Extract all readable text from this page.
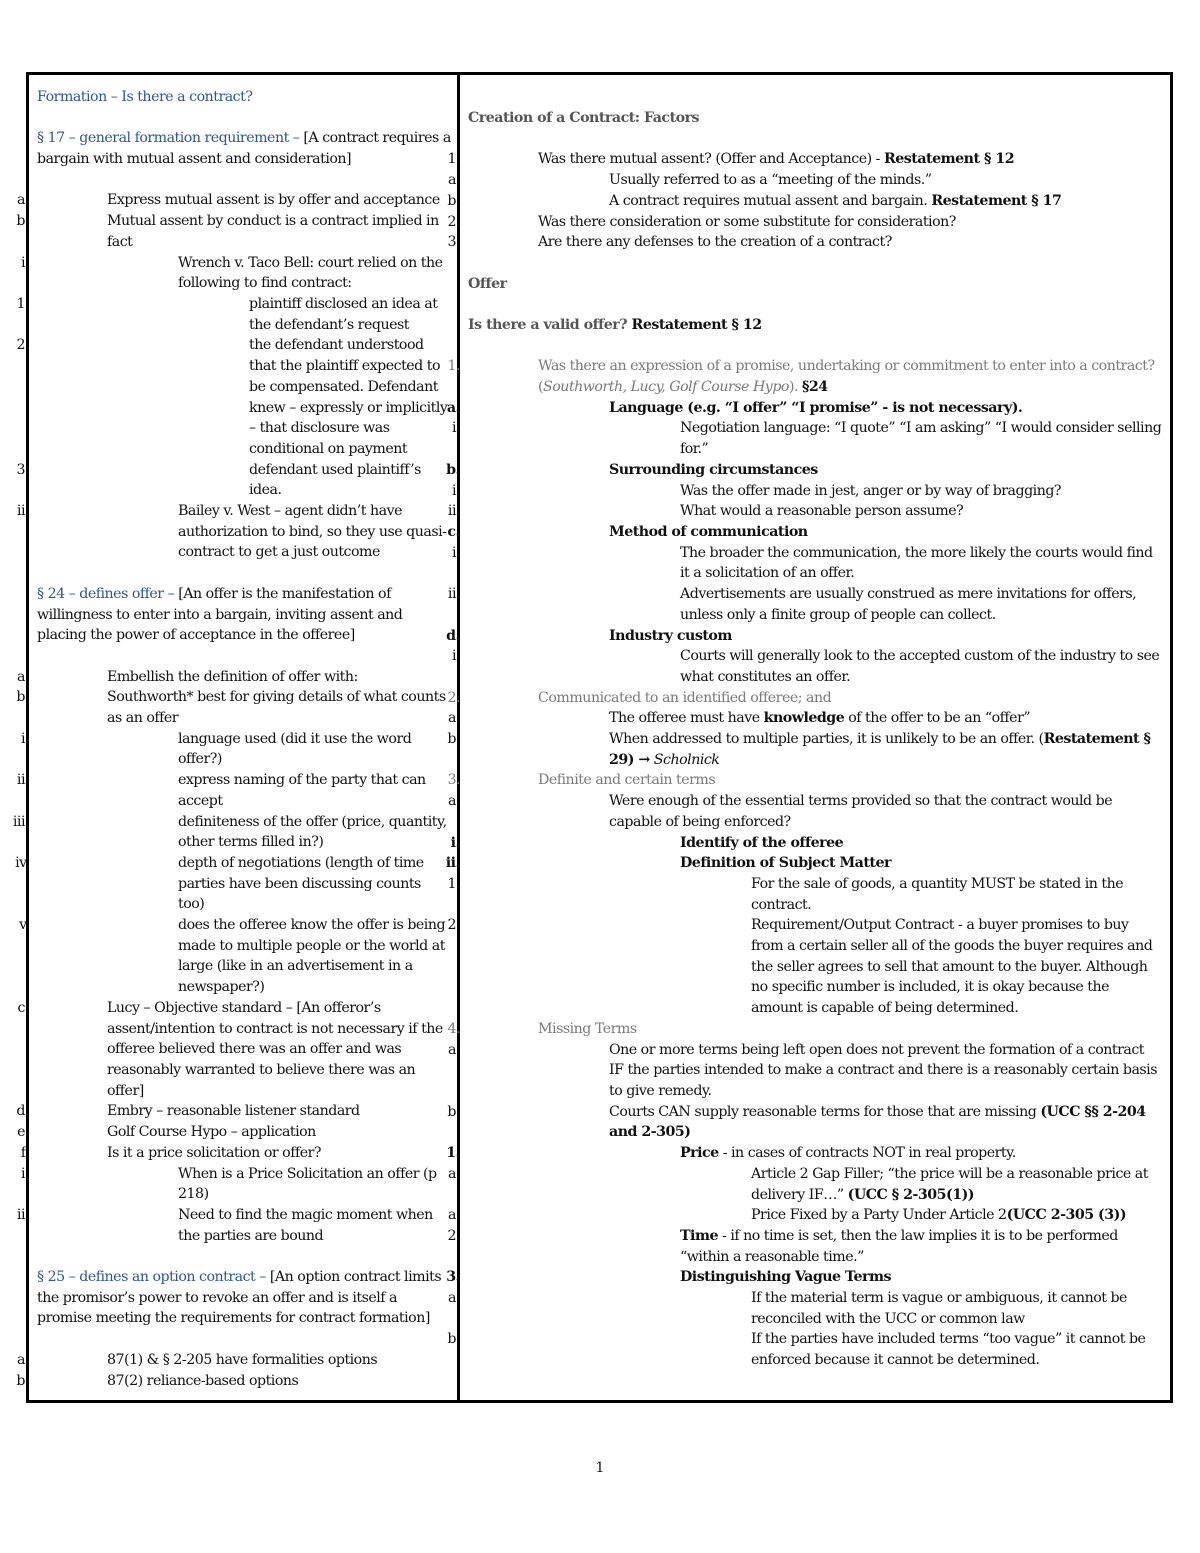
Formation – Is there a contract?
§ 17 – general formation requirement – [A contract requires a bargain with mutual assent and consideration]
a.	Express mutual assent is by offer and acceptance
b.	Mutual assent by conduct is a contract implied in fact
i.	Wrench v. Taco Bell: court relied on the following to find contract:
1.	plaintiff disclosed an idea at the defendant’s request
2.	the defendant understood that the plaintiff expected to be compensated. Defendant knew – expressly or implicitly – that disclosure was conditional on payment
3.	defendant used plaintiff’s idea.
ii.	Bailey v. West – agent didn’t have authorization to bind, so they use quasi-contract to get a just outcome
§ 24 – defines offer – [An offer is the manifestation of willingness to enter into a bargain, inviting assent and placing the power of acceptance in the offeree]
a.	Embellish the definition of offer with:
b.	Southworth* best for giving details of what counts as an offer
i.	language used (did it use the word offer?)
ii.	express naming of the party that can accept
iii.	definiteness of the offer (price, quantity, other terms filled in?)
iv.	depth of negotiations (length of time parties have been discussing counts too)
v.	does the offeree know the offer is being made to multiple people or the world at large (like in an advertisement in a newspaper?)
c.	Lucy – Objective standard – [An offeror’s assent/intention to contract is not necessary if the offeree believed there was an offer and was reasonably warranted to believe there was an offer]
d.	Embry – reasonable listener standard
e.	Golf Course Hypo – application
f.	Is it a price solicitation or offer?
i.	When is a Price Solicitation an offer (p 218)
ii.	Need to find the magic moment when the parties are bound
§ 25 – defines an option contract – [An option contract limits the promisor’s power to revoke an offer and is itself a promise meeting the requirements for contract formation]
a.	87(1) & § 2-205 have formalities options
b.	87(2) reliance-based options
Creation of a Contract: Factors
1.	Was there mutual assent? (Offer and Acceptance) - Restatement § 12
a.	Usually referred to as a “meeting of the minds.”
b.	A contract requires mutual assent and bargain. Restatement § 17
2.	Was there consideration or some substitute for consideration?
3.	Are there any defenses to the creation of a contract?
Offer
Is there a valid offer? Restatement § 12
1.	Was there an expression of a promise, undertaking or commitment to enter into a contract? (Southworth, Lucy, Golf Course Hypo). §24
a.	Language (e.g. “I offer” “I promise” - is not necessary).
i.	Negotiation language: “I quote” “I am asking” “I would consider selling for.”
b.	Surrounding circumstances
i.	Was the offer made in jest, anger or by way of bragging?
ii.	What would a reasonable person assume?
c.	Method of communication
i.	The broader the communication, the more likely the courts would find it a solicitation of an offer.
ii.	Advertisements are usually construed as mere invitations for offers, unless only a finite group of people can collect.
d.	Industry custom
i.	Courts will generally look to the accepted custom of the industry to see what constitutes an offer.
2.	Communicated to an identified offeree; and
a.	The offeree must have knowledge of the offer to be an “offer”
b.	When addressed to multiple parties, it is unlikely to be an offer. (Restatement § 29) → Scholnick
3.	Definite and certain terms
a.	Were enough of the essential terms provided so that the contract would be capable of being enforced?
i.	Identify of the offeree
ii.	Definition of Subject Matter
1.	For the sale of goods, a quantity MUST be stated in the contract.
2.	Requirement/Output Contract - a buyer promises to buy from a certain seller all of the goods the buyer requires and the seller agrees to sell that amount to the buyer. Although no specific number is included, it is okay because the amount is capable of being determined.
4.	Missing Terms
a.	One or more terms being left open does not prevent the formation of a contract IF the parties intended to make a contract and there is a reasonably certain basis to give remedy.
b.	Courts CAN supply reasonable terms for those that are missing (UCC §§ 2-204 and 2-305)
1.	Price - in cases of contracts NOT in real property.
a.	Article 2 Gap Filler; “the price will be a reasonable price at delivery IF…” (UCC § 2-305(1))
a.	Price Fixed by a Party Under Article 2(UCC 2-305 (3))
2.	Time - if no time is set, then the law implies it is to be performed “within a reasonable time.”
3.	Distinguishing Vague Terms
a.	If the material term is vague or ambiguous, it cannot be reconciled with the UCC or common law
b.	If the parties have included terms “too vague” it cannot be enforced because it cannot be determined.
1
